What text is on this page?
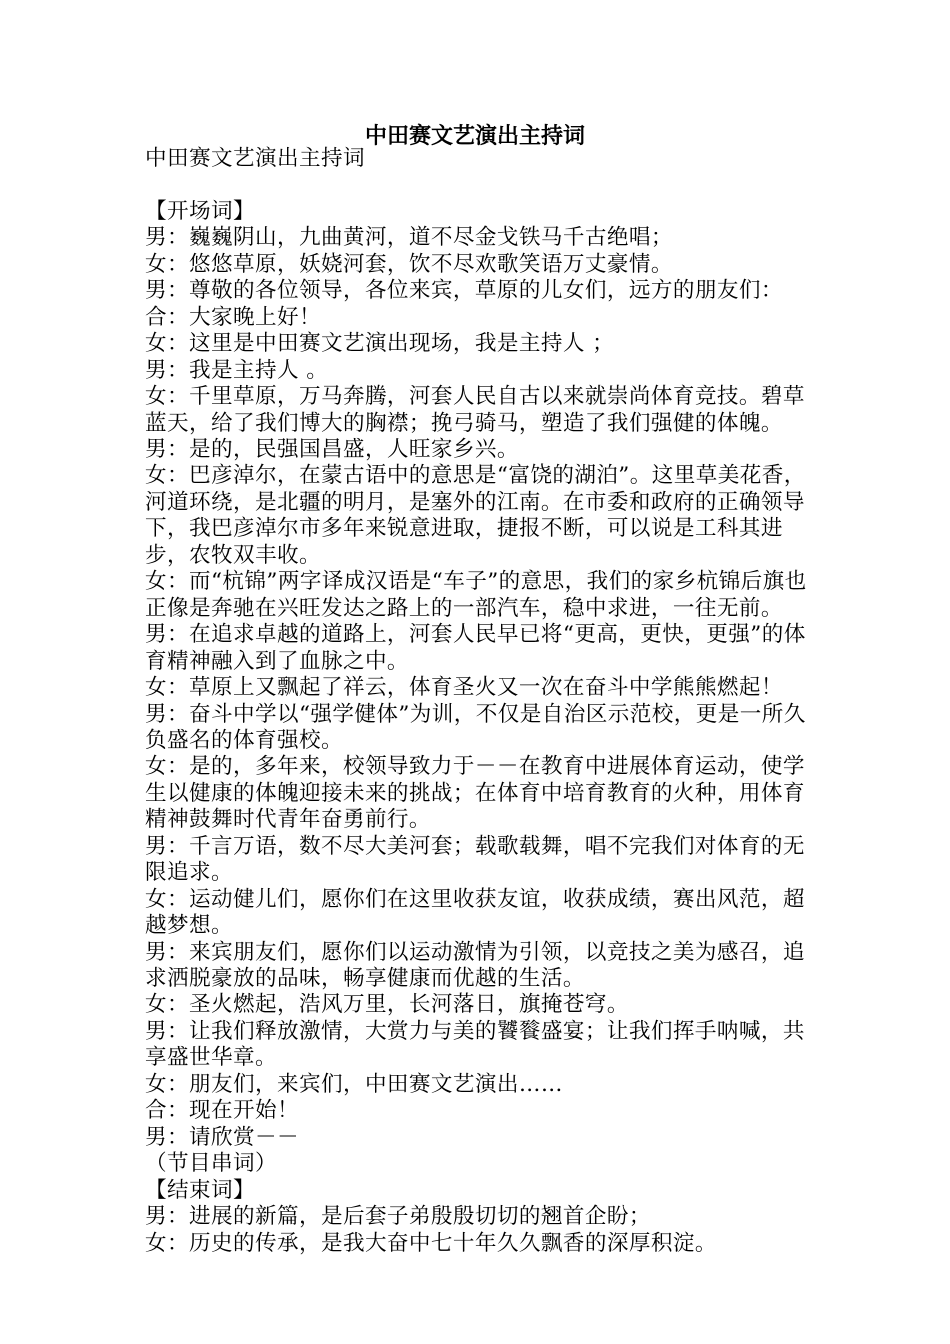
中田赛文艺演出主持词

中田赛文艺演出主持词

【开场词】

男：巍巍阴山，九曲黄河，道不尽金戈铁马千古绝唱；

女：悠悠草原，妖娆河套，饮不尽欢歌笑语万丈豪情。

男：尊敬的各位领导，各位来宾，草原的儿女们，远方的朋友们：

合：大家晚上好！

女：这里是中田赛文艺演出现场，我是主持人 ；

男：我是主持人 。

女：千里草原，万马奔腾，河套人民自古以来就崇尚体育竞技。碧草蓝天，给了我们博大的胸襟；挽弓骑马，塑造了我们强健的体魄。

男：是的，民强国昌盛，人旺家乡兴。

女：巴彦淖尔，在蒙古语中的意思是“富饶的湖泊”。这里草美花香，河道环绕，是北疆的明月，是塞外的江南。在市委和政府的正确领导下，我巴彦淖尔市多年来锐意进取，捷报不断，可以说是工科其进步，农牧双丰收。

女：而“杭锦”两字译成汉语是“车子”的意思，我们的家乡杭锦后旗也正像是奔驰在兴旺发达之路上的一部汽车，稳中求进，一往无前。

男：在追求卓越的道路上，河套人民早已将“更高，更快，更强”的体育精神融入到了血脉之中。

女：草原上又飘起了祥云，体育圣火又一次在奋斗中学熊熊燃起！

男：奋斗中学以“强学健体”为训，不仅是自治区示范校，更是一所久负盛名的体育强校。

女：是的，多年来，校领导致力于－－在教育中进展体育运动，使学生以健康的体魄迎接未来的挑战；在体育中培育教育的火种，用体育精神鼓舞时代青年奋勇前行。

男：千言万语，数不尽大美河套；载歌载舞，唱不完我们对体育的无限追求。

女：运动健儿们，愿你们在这里收获友谊，收获成绩，赛出风范，超越梦想。

男：来宾朋友们，愿你们以运动激情为引领，以竞技之美为感召，追求洒脱豪放的品味，畅享健康而优越的生活。

女：圣火燃起，浩风万里，长河落日，旗掩苍穹。

男：让我们释放激情，大赏力与美的饕餮盛宴；让我们挥手呐喊，共享盛世华章。

女：朋友们，来宾们，中田赛文艺演出……

合：现在开始！

男：请欣赏－－

（节目串词）

【结束词】

男：进展的新篇，是后套子弟殷殷切切的翘首企盼；

女：历史的传承，是我大奋中七十年久久飘香的深厚积淀。
